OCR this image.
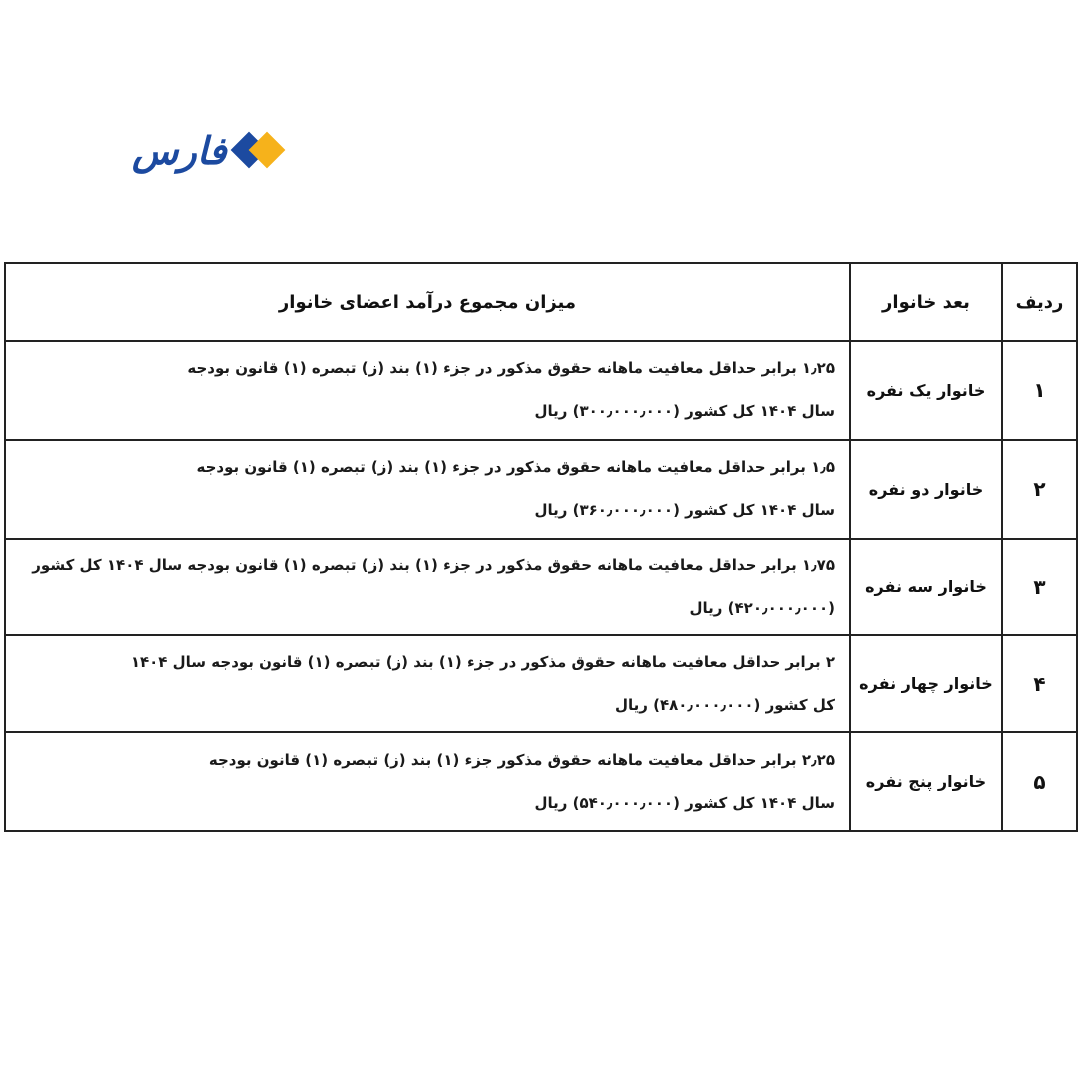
فارس
ردیف	بعد خانوار	میزان مجموع درآمد اعضای خانوار
۱	خانوار یک نفره	۱٫۲۵ برابر حداقل معافیت ماهانه حقوق مذکور در جزء (۱) بند (ز) تبصره (۱) قانون بودجه
سال ۱۴۰۴ کل کشور (۳۰۰٫۰۰۰٫۰۰۰) ریال

۲	خانوار دو نفره	۱٫۵ برابر حداقل معافیت ماهانه حقوق مذکور در جزء (۱) بند (ز) تبصره (۱) قانون بودجه
سال ۱۴۰۴ کل کشور (۳۶۰٫۰۰۰٫۰۰۰) ریال

۳	خانوار سه نفره	۱٫۷۵ برابر حداقل معافیت ماهانه حقوق مذکور در جزء (۱) بند (ز) تبصره (۱) قانون بودجه سال ۱۴۰۴ کل کشور
(۴۲۰٫۰۰۰٫۰۰۰) ریال

۴	خانوار چهار نفره	۲ برابر حداقل معافیت ماهانه حقوق مذکور در جزء (۱) بند (ز) تبصره (۱) قانون بودجه سال ۱۴۰۴
کل کشور (۴۸۰٫۰۰۰٫۰۰۰) ریال

۵	خانوار پنج نفره	۲٫۲۵ برابر حداقل معافیت ماهانه حقوق مذکور جزء (۱) بند (ز) تبصره (۱) قانون بودجه
سال ۱۴۰۴ کل کشور (۵۴۰٫۰۰۰٫۰۰۰) ریال
